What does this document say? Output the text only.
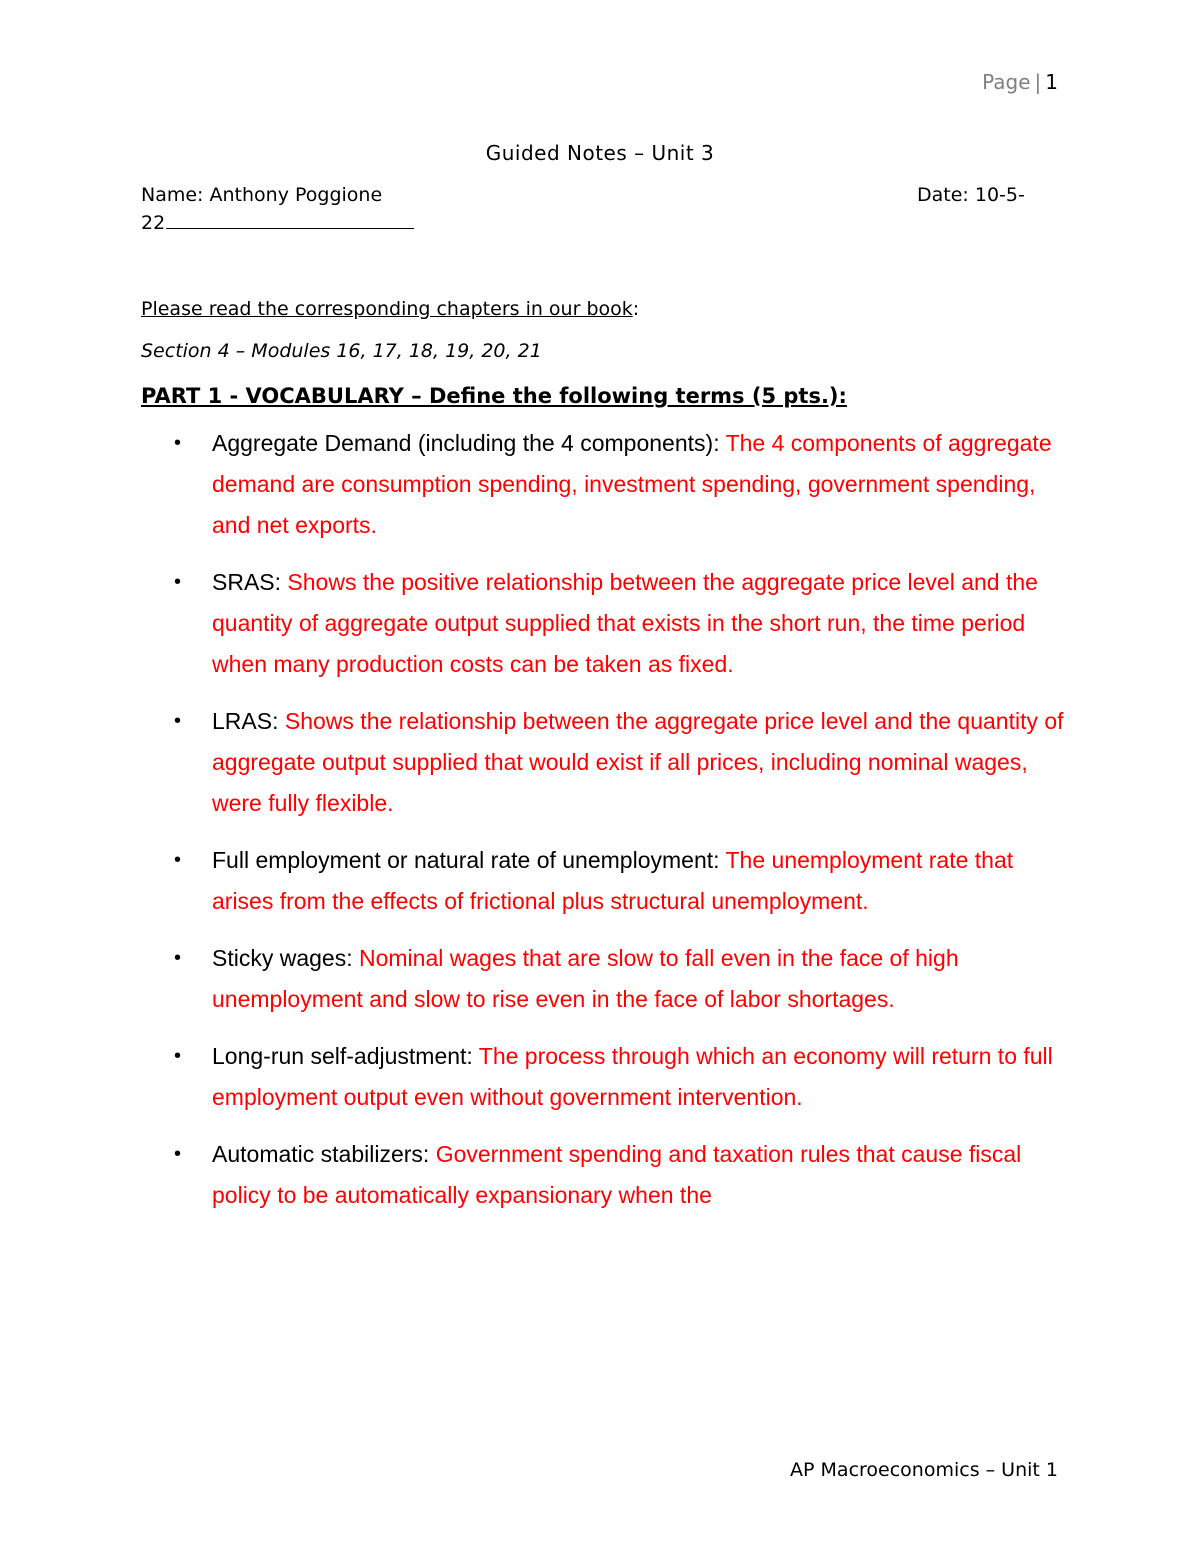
Page | 1
Guided Notes – Unit 3
Name: Anthony Poggione	Date: 10-5-
22
Please read the corresponding chapters in our book:
Section 4 – Modules 16, 17, 18, 19, 20, 21
PART 1 - VOCABULARY – Define the following terms (5 pts.):
• Aggregate Demand (including the 4 components): The 4 components of aggregate demand are consumption spending, investment spending, government spending, and net exports.
• SRAS: Shows the positive relationship between the aggregate price level and the quantity of aggregate output supplied that exists in the short run, the time period when many production costs can be taken as fixed.
• LRAS: Shows the relationship between the aggregate price level and the quantity of aggregate output supplied that would exist if all prices, including nominal wages, were fully flexible.
• Full employment or natural rate of unemployment: The unemployment rate that arises from the effects of frictional plus structural unemployment.
• Sticky wages: Nominal wages that are slow to fall even in the face of high unemployment and slow to rise even in the face of labor shortages.
• Long-run self-adjustment: The process through which an economy will return to full employment output even without government intervention.
• Automatic stabilizers: Government spending and taxation rules that cause fiscal policy to be automatically expansionary when the
AP Macroeconomics – Unit 1
